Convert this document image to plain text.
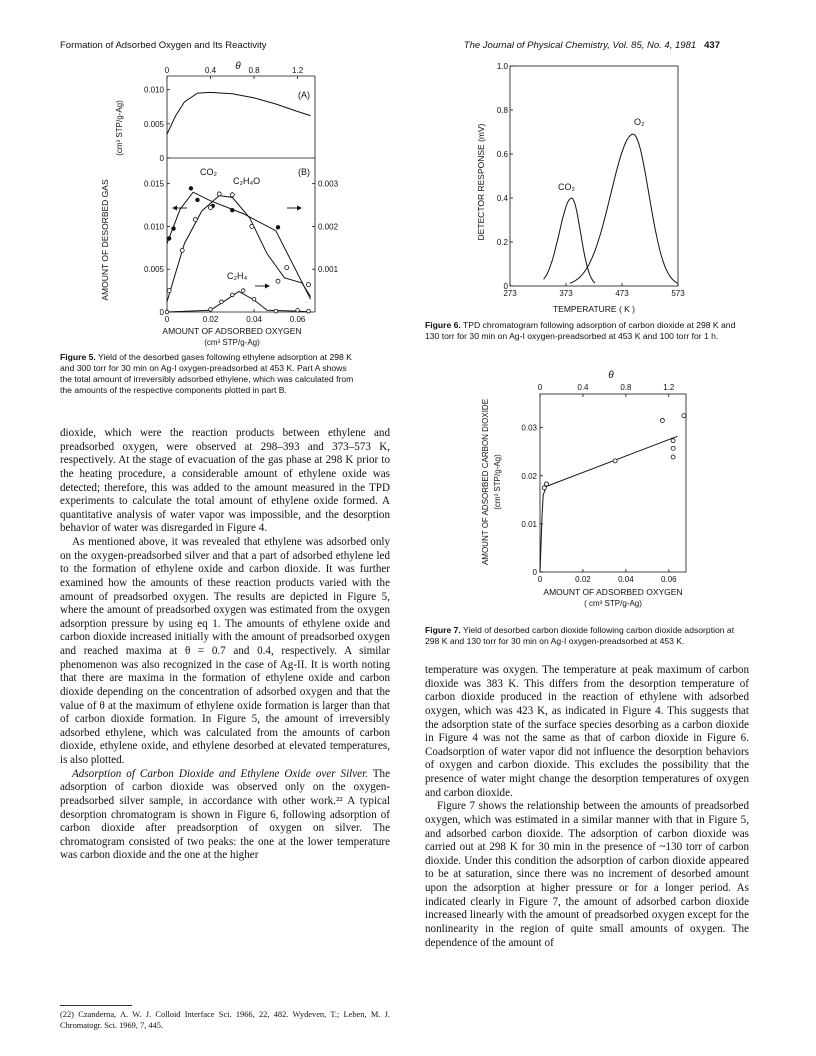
Formation of Adsorbed Oxygen and Its Reactivity	The Journal of Physical Chemistry, Vol. 85, No. 4, 1981 437
θ
0	0.4	0.8	1.2
0
0.005
0.010
0
0.005
0.010
0.015
0.001
0.002
0.003
0	0.02	0.04	0.06
(A)
(B)
CO₂
C₂H₄O
C₂H₄
AMOUNT OF DESORBED GAS
(cm³ STP/g-Ag)
AMOUNT OF ADSORBED OXYGEN
(cm³ STP/g-Ag)
Figure 5. Yield of the desorbed gases following ethylene adsorption at 298 K and 300 torr for 30 min on Ag-I oxygen-preadsorbed at 453 K. Part A shows the total amount of irreversibly adsorbed ethylene, which was calculated from the amounts of the respective components plotted in part B.
0
0.2
0.4
0.6
0.8
1.0
273	373	473	573
CO₂
O₂
DETECTOR RESPONSE (mV)
TEMPERATURE ( K )
Figure 6. TPD chromatogram following adsorption of carbon dioxide at 298 K and 130 torr for 30 min on Ag-I oxygen-preadsorbed at 453 K and 100 torr for 1 h.
θ
0	0.4	0.8	1.2
0
0.01
0.02
0.03
0	0.02	0.04	0.06
AMOUNT OF ADSORBED CARBON DIOXIDE (cm³ STP/g-Ag)
AMOUNT OF ADSORBED OXYGEN
( cm³ STP/g-Ag)
Figure 7. Yield of desorbed carbon dioxide following carbon dioxide adsorption at 298 K and 130 torr for 30 min on Ag-I oxygen-preadsorbed at 453 K.

dioxide, which were the reaction products between ethylene and preadsorbed oxygen, were observed at 298–393 and 373–573 K, respectively. At the stage of evacuation of the gas phase at 298 K prior to the heating procedure, a considerable amount of ethylene oxide was detected; therefore, this was added to the amount measured in the TPD experiments to calculate the total amount of ethylene oxide formed. A quantitative analysis of water vapor was impossible, and the desorption behavior of water was disregarded in Figure 4.

As mentioned above, it was revealed that ethylene was adsorbed only on the oxygen-preadsorbed silver and that a part of adsorbed ethylene led to the formation of ethylene oxide and carbon dioxide. It was further examined how the amounts of these reaction products varied with the amount of preadsorbed oxygen. The results are depicted in Figure 5, where the amount of preadsorbed oxygen was estimated from the oxygen adsorption pressure by using eq 1. The amounts of ethylene oxide and carbon dioxide increased initially with the amount of preadsorbed oxygen and reached maxima at θ = 0.7 and 0.4, respectively. A similar phenomenon was also recognized in the case of Ag-II. It is worth noting that there are maxima in the formation of ethylene oxide and carbon dioxide depending on the concentration of adsorbed oxygen and that the value of θ at the maximum of ethylene oxide formation is larger than that of carbon dioxide formation. In Figure 5, the amount of irreversibly adsorbed ethylene, which was calculated from the amounts of carbon dioxide, ethylene oxide, and ethylene desorbed at elevated temperatures, is also plotted.

Adsorption of Carbon Dioxide and Ethylene Oxide over Silver. The adsorption of carbon dioxide was observed only on the oxygen-preadsorbed silver sample, in accordance with other work.²² A typical desorption chromatogram is shown in Figure 6, following adsorption of carbon dioxide after preadsorption of oxygen on silver. The chromatogram consisted of two peaks: the one at the lower temperature was carbon dioxide and the one at the higher

(22) Czanderna, A. W. J. Colloid Interface Sci. 1966, 22, 482. Wydeven, T.; Leben, M. J. Chromatogr. Sci. 1969, 7, 445.

temperature was oxygen. The temperature at peak maximum of carbon dioxide was 383 K. This differs from the desorption temperature of carbon dioxide produced in the reaction of ethylene with adsorbed oxygen, which was 423 K, as indicated in Figure 4. This suggests that the adsorption state of the surface species desorbing as a carbon dioxide in Figure 4 was not the same as that of carbon dioxide in Figure 6. Coadsorption of water vapor did not influence the desorption behaviors of oxygen and carbon dioxide. This excludes the possibility that the presence of water might change the desorption temperatures of oxygen and carbon dioxide.

Figure 7 shows the relationship between the amounts of preadsorbed oxygen, which was estimated in a similar manner with that in Figure 5, and adsorbed carbon dioxide. The adsorption of carbon dioxide was carried out at 298 K for 30 min in the presence of ~130 torr of carbon dioxide. Under this condition the adsorption of carbon dioxide appeared to be at saturation, since there was no increment of desorbed amount upon the adsorption at higher pressure or for a longer period. As indicated clearly in Figure 7, the amount of adsorbed carbon dioxide increased linearly with the amount of preadsorbed oxygen except for the nonlinearity in the region of quite small amounts of oxygen. The dependence of the amount of
